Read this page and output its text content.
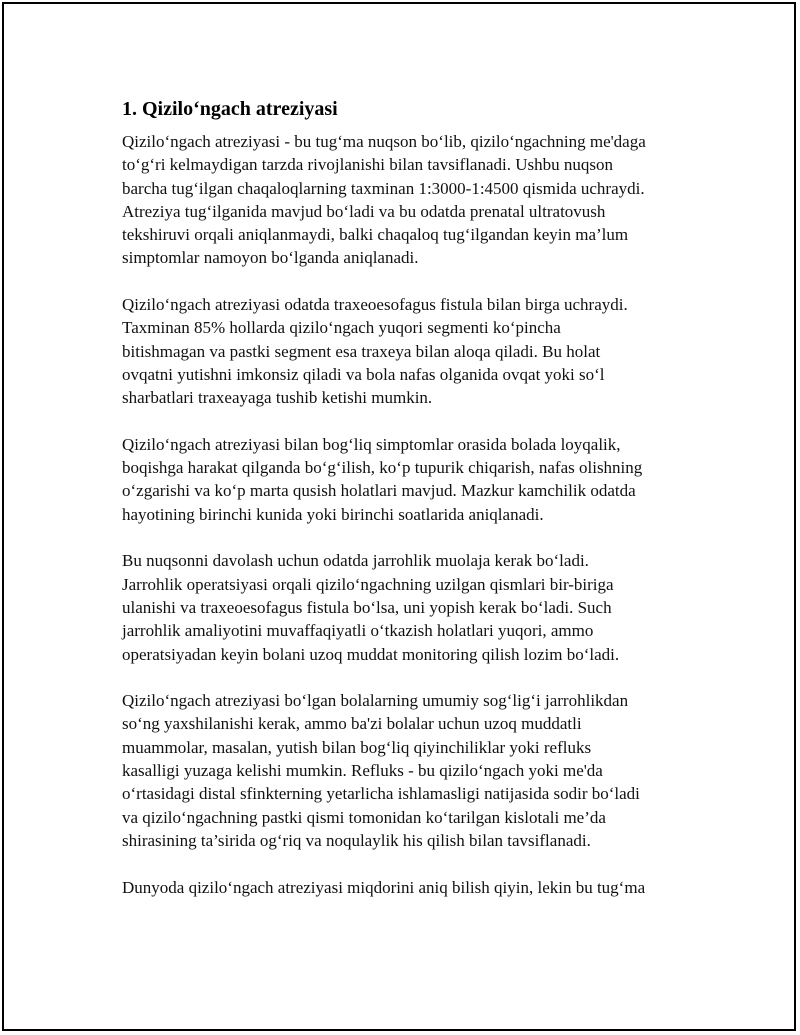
1. Qizilo‘ngach atreziyasi

Qizilo‘ngach atreziyasi - bu tug‘ma nuqson bo‘lib, qizilo‘ngachning me'daga
to‘g‘ri kelmaydigan tarzda rivojlanishi bilan tavsiflanadi. Ushbu nuqson
barcha tug‘ilgan chaqaloqlarning taxminan 1:3000-1:4500 qismida uchraydi.
Atreziya tug‘ilganida mavjud bo‘ladi va bu odatda prenatal ultratovush
tekshiruvi orqali aniqlanmaydi, balki chaqaloq tug‘ilgandan keyin ma’lum
simptomlar namoyon bo‘lganda aniqlanadi.

Qizilo‘ngach atreziyasi odatda traxeoesofagus fistula bilan birga uchraydi.
Taxminan 85% hollarda qizilo‘ngach yuqori segmenti ko‘pincha
bitishmagan va pastki segment esa traxeya bilan aloqa qiladi. Bu holat
ovqatni yutishni imkonsiz qiladi va bola nafas olganida ovqat yoki so‘l
sharbatlari traxeayaga tushib ketishi mumkin.

Qizilo‘ngach atreziyasi bilan bog‘liq simptomlar orasida bolada loyqalik,
boqishga harakat qilganda bo‘g‘ilish, ko‘p tupurik chiqarish, nafas olishning
o‘zgarishi va ko‘p marta qusish holatlari mavjud. Mazkur kamchilik odatda
hayotining birinchi kunida yoki birinchi soatlarida aniqlanadi.

Bu nuqsonni davolash uchun odatda jarrohlik muolaja kerak bo‘ladi.
Jarrohlik operatsiyasi orqali qizilo‘ngachning uzilgan qismlari bir-biriga
ulanishi va traxeoesofagus fistula bo‘lsa, uni yopish kerak bo‘ladi. Such
jarrohlik amaliyotini muvaffaqiyatli o‘tkazish holatlari yuqori, ammo
operatsiyadan keyin bolani uzoq muddat monitoring qilish lozim bo‘ladi.

Qizilo‘ngach atreziyasi bo‘lgan bolalarning umumiy sog‘lig‘i jarrohlikdan
so‘ng yaxshilanishi kerak, ammo ba'zi bolalar uchun uzoq muddatli
muammolar, masalan, yutish bilan bog‘liq qiyinchiliklar yoki refluks
kasalligi yuzaga kelishi mumkin. Refluks - bu qizilo‘ngach yoki me'da
o‘rtasidagi distal sfinkterning yetarlicha ishlamasligi natijasida sodir bo‘ladi
va qizilo‘ngachning pastki qismi tomonidan ko‘tarilgan kislotali me’da
shirasining ta’sirida og‘riq va noqulaylik his qilish bilan tavsiflanadi.

Dunyoda qizilo‘ngach atreziyasi miqdorini aniq bilish qiyin, lekin bu tug‘ma
